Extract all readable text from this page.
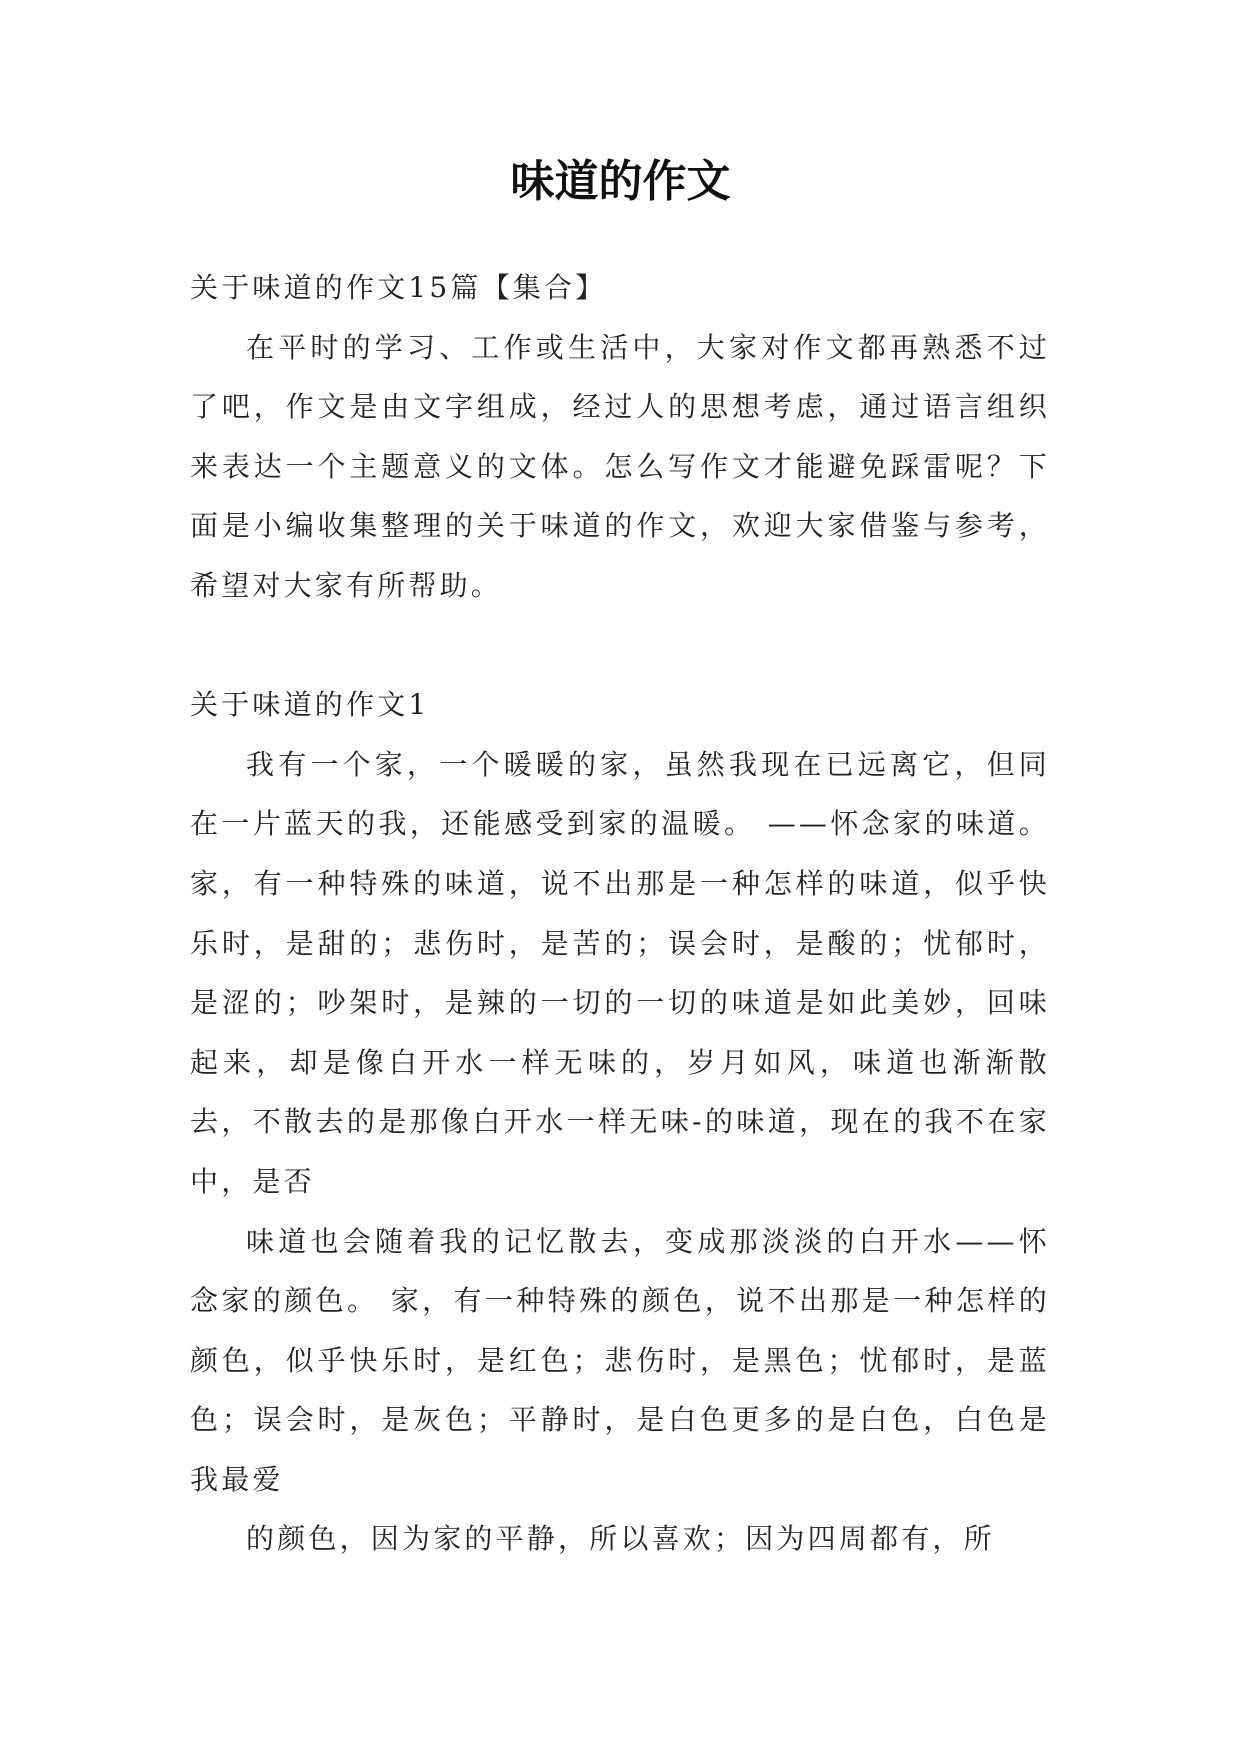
味道的作文

关于味道的作文15篇【集合】

在平时的学习、工作或生活中，大家对作文都再熟悉不过了吧，作文是由文字组成，经过人的思想考虑，通过语言组织来表达一个主题意义的文体。怎么写作文才能避免踩雷呢？下面是小编收集整理的关于味道的作文，欢迎大家借鉴与参考，希望对大家有所帮助。

关于味道的作文1

我有一个家，一个暖暖的家，虽然我现在已远离它，但同在一片蓝天的我，还能感受到家的温暖。 ——怀念家的味道。 家，有一种特殊的味道，说不出那是一种怎样的味道，似乎快乐时，是甜的；悲伤时，是苦的；误会时，是酸的；忧郁时，是涩的；吵架时，是辣的一切的一切的味道是如此美妙，回味起来，却是像白开水一样无味的，岁月如风，味道也渐渐散去，不散去的是那像白开水一样无味-的味道，现在的我不在家中，是否

味道也会随着我的记忆散去，变成那淡淡的白开水——怀念家的颜色。 家，有一种特殊的颜色，说不出那是一种怎样的颜色，似乎快乐时，是红色；悲伤时，是黑色；忧郁时，是蓝色；误会时，是灰色；平静时，是白色更多的是白色，白色是我最爱

的颜色，因为家的平静，所以喜欢；因为四周都有，所
